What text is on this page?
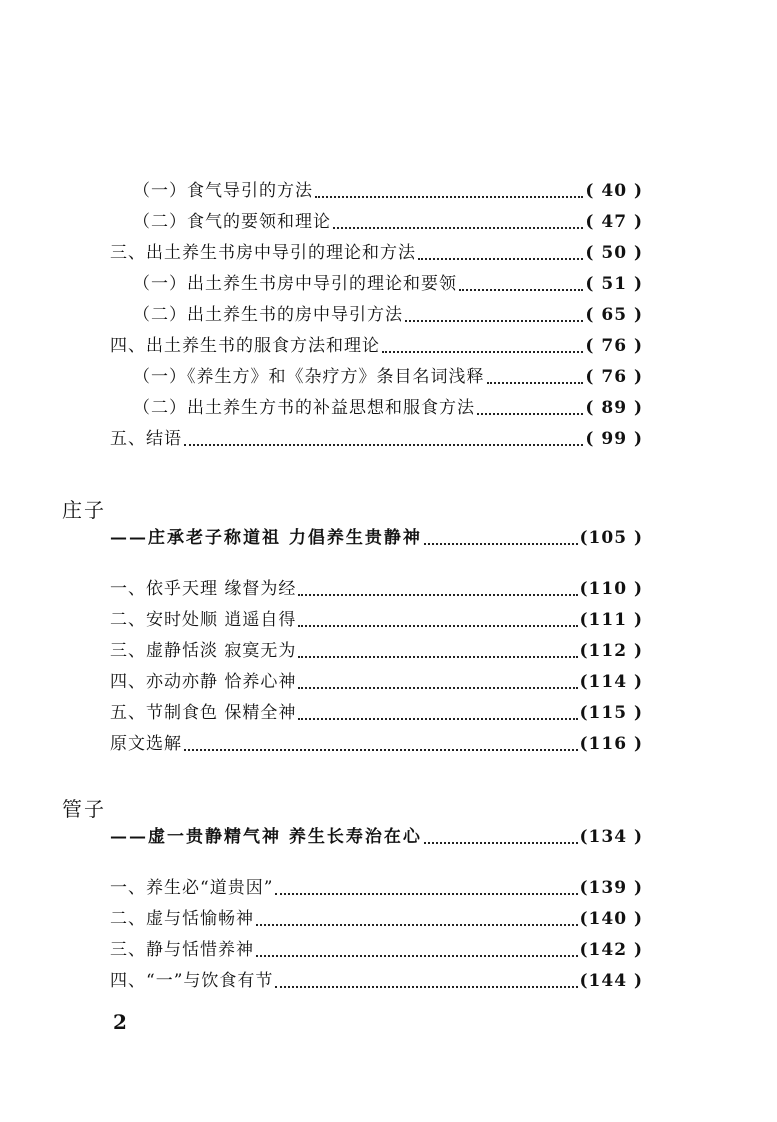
（一）食气导引的方法	( 40 )
（二）食气的要领和理论	( 47 )
三、出土养生书房中导引的理论和方法	( 50 )
（一）出土养生书房中导引的理论和要领	( 51 )
（二）出土养生书的房中导引方法	( 65 )
四、出土养生书的服食方法和理论	( 76 )
（一）《养生方》和《杂疗方》条目名词浅释	( 76 )
（二）出土养生方书的补益思想和服食方法	( 89 )
五、结语	( 99 )
庄子
——庄承老子称道祖 力倡养生贵静神	(105 )
一、依乎天理 缘督为经	(110 )
二、安时处顺 逍遥自得	(111 )
三、虚静恬淡 寂寞无为	(112 )
四、亦动亦静 恰养心神	(114 )
五、节制食色 保精全神	(115 )
原文选解	(116 )
管子
——虚一贵静精气神 养生长寿治在心	(134 )
一、养生必“道贵因”	(139 )
二、虚与恬愉畅神	(140 )
三、静与恬惜养神	(142 )
四、“一”与饮食有节	(144 )
2
